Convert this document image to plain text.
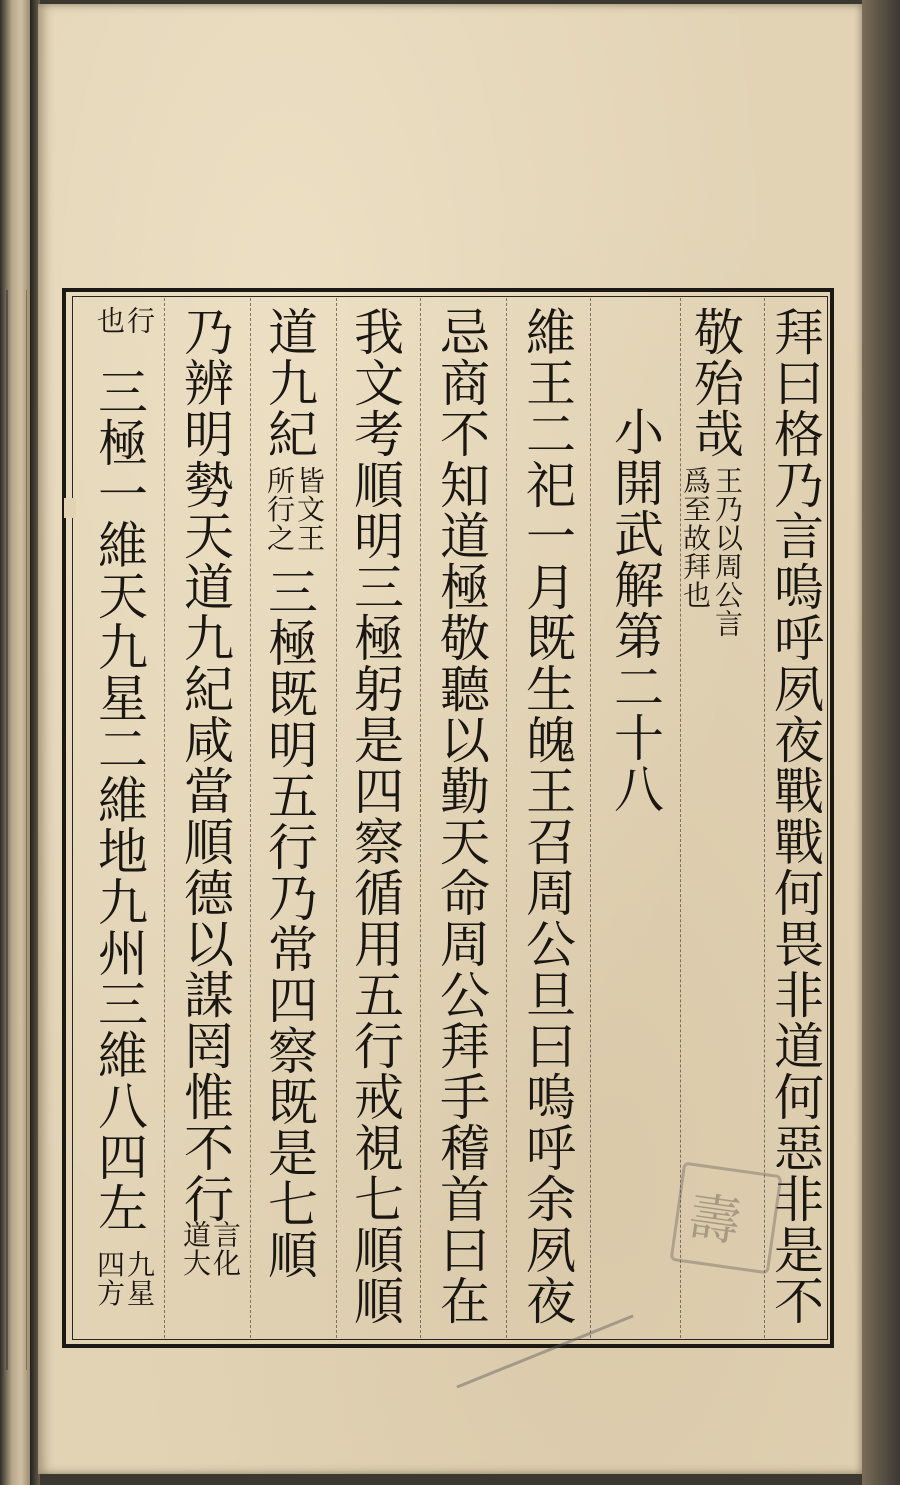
拜曰格乃言嗚呼夙夜戰戰何畏非道何惡非是不
敬殆哉
王乃以周公言
爲至故拜也
小開武解第二十八
維王二祀一月既生魄王召周公旦曰嗚呼余夙夜
忌商不知道極敬聽以勤天命周公拜手稽首曰在
我文考順明三極躬是四察循用五行戒視七順順
道九紀
皆文王
所行之
三極既明五行乃常四察既是七順
乃辨明勢天道九紀咸當順德以謀罔惟不行
言化
道大
行
也
三極一維天九星二維地九州三維八四左
九星
四方
壽
